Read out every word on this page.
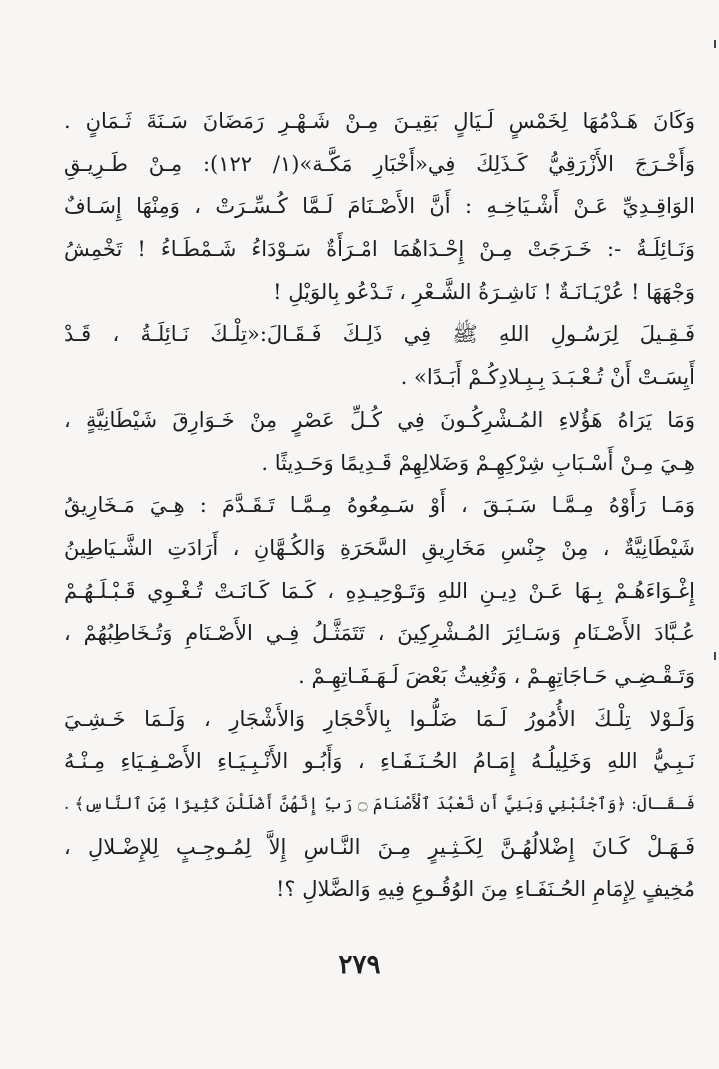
وَكَانَ هَـدْمُهَا لِخَمْسٍ لَـيَالٍ بَقِيـنَ مِـنْ شَـهْـرِ رَمَضَانَ سَـنَةَ ثَـمَانٍ .
وَأَخْـرَجَ الأَزْرَقِيُّ كَـذَلِكَ فِي«أَخْبَارِ مَكَّـة»(١/ ١٢٢): مِـنْ طَـرِيـقِ
الوَاقِـدِيِّ عَـنْ أَشْـيَاخِـهِ : أَنَّ الأَصْـنَامَ لَـمَّا كُـسِّـرَتْ ، وَمِنْهَا إِسَـافٌ
وَنَـائِلَـةُ -: خَـرَجَتْ مِـنْ إِحْـدَاهُمَا امْـرَأَةٌ سَـوْدَاءُ شَـمْطَـاءُ ! تَخْمِشُ
وَجْهَهَا ! عُرْيَـانَـةٌ ! نَاشِـرَةُ الشَّـعْرِ ، تَـدْعُو بِالوَيْلِ !
فَـقِـيلَ لِرَسُـولِ اللهِ ﷺ فِي ذَلِـكَ فَـقَـالَ:«تِلْـكَ نَـائِلَـةُ ، قَـدْ
أَيِسَـتْ أَنْ تُـعْـبَـدَ بِـبِـلادِكُـمْ أَبَـدًا» .
وَمَا يَرَاهُ هَؤُلاءِ المُـشْرِكُـونَ فِي كُـلِّ عَصْرٍ مِنْ خَـوَارِقَ شَيْطَانِيَّةٍ ،
هِـيَ مِـنْ أَسْـبَابِ شِرْكِهِـمْ وَضَلالِهِمْ قَـدِيمًا وَحَـدِيثًا .
وَمَـا رَأَوْهُ مِـمَّـا سَـبَـقَ ، أَوْ سَـمِعُوهُ مِـمَّـا تَـقَـدَّمَ : هِـيَ مَـخَارِيقُ
شَيْطَانِيَّةٌ ، مِنْ جِنْسِ مَخَارِيقِ السَّحَرَةِ وَالكُـهَّانِ ، أَرَادَتِ الشَّـيَاطِينُ
إِغْـوَاءَهُـمْ بِـهَا عَـنْ دِيـنِ اللهِ وَتَـوْحِيـدِهِ ، كَـمَا كَـانَـتْ تُـغْـوِي قَـبْـلَـهُـمْ
عُـبَّادَ الأَصْـنَامِ وَسَـائِرَ المُـشْرِكِينَ ، تَتَمَثَّـلُ فِـي الأَصْـنَامِ وَتُـخَاطِبُهُمْ ،
وَتَـقْـضِـي حَـاجَاتِهِـمْ ، وَتُغِيثُ بَعْضَ لَـهَـفَـاتِهِـمْ .
وَلَـوْلا تِلْـكَ الأُمُورُ لَـمَا ضَلُّـوا بِالأَحْجَارِ وَالأَشْجَارِ ، وَلَـمَا خَـشِـيَ
نَـبِـيُّ اللهِ وَخَلِيلُـهُ إِمَـامُ الحُـنَـفَـاءِ ، وَأَبُـو الأَنْـبِـيَـاءِ الأَصْـفِـيَاءِ مِـنْـهُ
فَـقَـالَ: ﴿وَٱجْنُبْنِي وَبَنِيَّ أَن نَّعْبُدَ ٱلْأَصْنَامَ ۝ رَبِّ إِنَّهُنَّ أَضْلَلْنَ كَثِيرًا مِّنَ ٱلنَّاسِ﴾ .
فَـهَـلْ كَـانَ إِضْلالُهُـنَّ لِكَـثِـيرٍ مِـنَ النَّـاسِ إِلاَّ لِمُـوجِـبٍ لِلإِضْـلالِ ،
مُخِيفٍ لِإِمَامِ الحُـنَفَـاءِ مِنَ الوُقُـوعِ فِيهِ وَالضَّلالِ ؟!
٢٧٩
